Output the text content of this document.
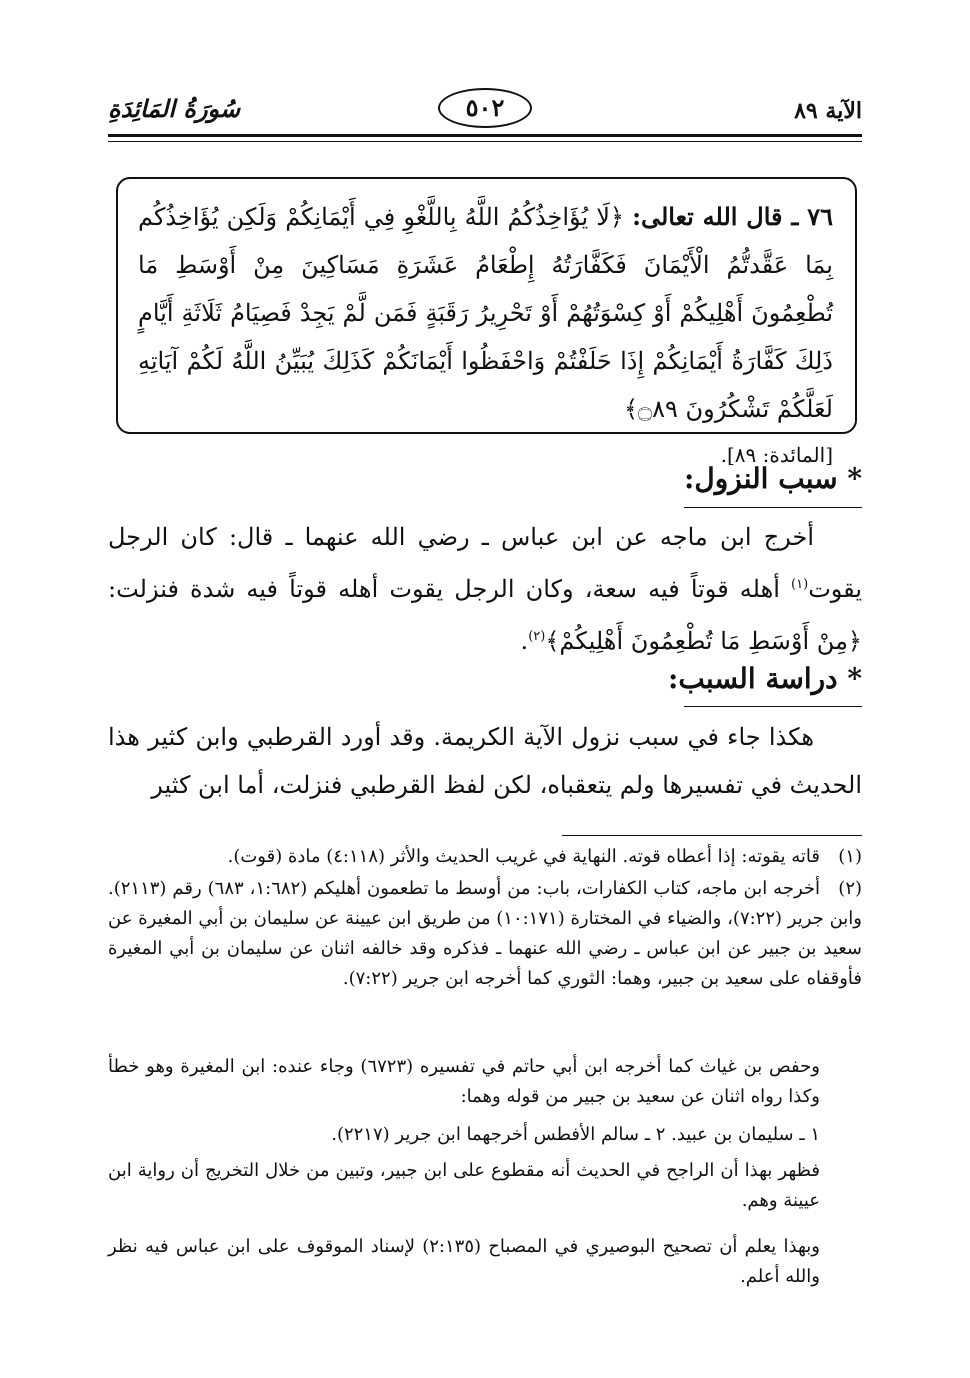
الآية ٨٩
٥٠٢
سُورَةُ المَائِدَةِ

٧٦ ـ قال الله تعالى: ﴿لَا يُؤَاخِذُكُمُ اللَّهُ بِاللَّغْوِ فِي أَيْمَانِكُمْ وَلَكِن يُؤَاخِذُكُم بِمَا عَقَّدتُّمُ الْأَيْمَانَ فَكَفَّارَتُهُ إِطْعَامُ عَشَرَةِ مَسَاكِينَ مِنْ أَوْسَطِ مَا تُطْعِمُونَ أَهْلِيكُمْ أَوْ كِسْوَتُهُمْ أَوْ تَحْرِيرُ رَقَبَةٍ فَمَن لَّمْ يَجِدْ فَصِيَامُ ثَلَاثَةِ أَيَّامٍ ذَلِكَ كَفَّارَةُ أَيْمَانِكُمْ إِذَا حَلَفْتُمْ وَاحْفَظُوا أَيْمَانَكُمْ كَذَلِكَ يُبَيِّنُ اللَّهُ لَكُمْ آيَاتِهِ لَعَلَّكُمْ تَشْكُرُونَ ۝٨٩﴾

[المائدة: ٨٩].

* سبب النزول:

أخرج ابن ماجه عن ابن عباس ـ رضي الله عنهما ـ قال: كان الرجل يقوت$^{(١)}$ أهله قوتاً فيه سعة، وكان الرجل يقوت أهله قوتاً فيه شدة فنزلت: ﴿مِنْ أَوْسَطِ مَا تُطْعِمُونَ أَهْلِيكُمْ﴾$^{(٢)}$.

* دراسة السبب:

هكذا جاء في سبب نزول الآية الكريمة. وقد أورد القرطبي وابن كثير هذا الحديث في تفسيرها ولم يتعقباه، لكن لفظ القرطبي فنزلت، أما ابن كثير

(١)قاته يقوته: إذا أعطاه قوته. النهاية في غريب الحديث والأثر (٤:١١٨) مادة (قوت).

(٢)أخرجه ابن ماجه، كتاب الكفارات، باب: من أوسط ما تطعمون أهليكم (١:٦٨٢، ٦٨٣) رقم (٢١١٣). وابن جرير (٧:٢٢)، والضياء في المختارة (١٠:١٧١) من طريق ابن عيينة عن سليمان بن أبي المغيرة عن سعيد بن جبير عن ابن عباس ـ رضي الله عنهما ـ فذكره وقد خالفه اثنان عن سليمان بن أبي المغيرة فأوقفاه على سعيد بن جبير، وهما: الثوري كما أخرجه ابن جرير (٧:٢٢).

وحفص بن غياث كما أخرجه ابن أبي حاتم في تفسيره (٦٧٢٣) وجاء عنده: ابن المغيرة وهو خطأ وكذا رواه اثنان عن سعيد بن جبير من قوله وهما:

١ ـ سليمان بن عبيد. ٢ ـ سالم الأفطس أخرجهما ابن جرير (٢٢١٧).

فظهر بهذا أن الراجح في الحديث أنه مقطوع على ابن جبير، وتبين من خلال التخريج أن رواية ابن عيينة وهم.

وبهذا يعلم أن تصحيح البوصيري في المصباح (٢:١٣٥) لإسناد الموقوف على ابن عباس فيه نظر والله أعلم.
